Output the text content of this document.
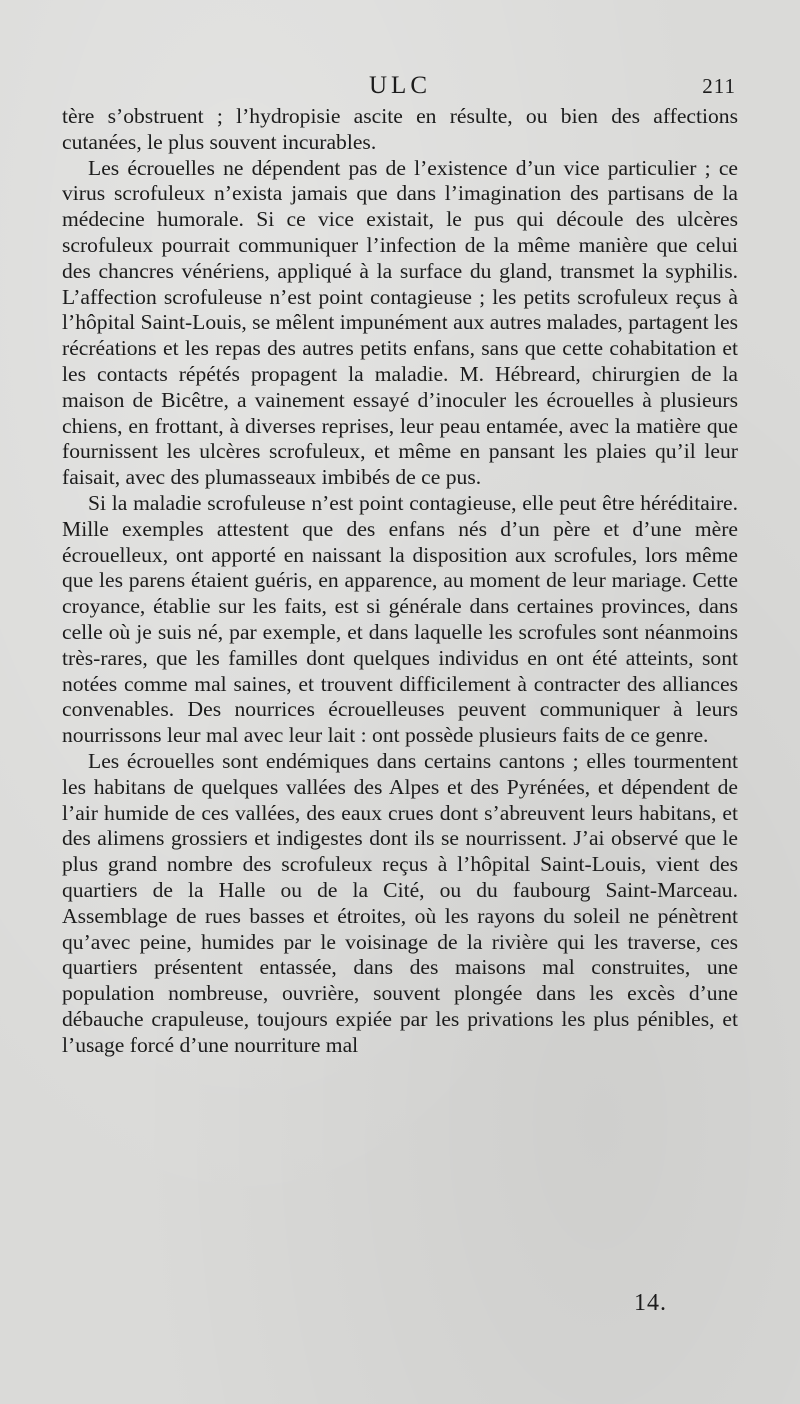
ULC	211

tère s’obstruent ; l’hydropisie ascite en résulte, ou bien des affections cutanées, le plus souvent incurables.

Les écrouelles ne dépendent pas de l’existence d’un vice particulier ; ce virus scrofuleux n’exista jamais que dans l’imagination des partisans de la médecine humorale. Si ce vice existait, le pus qui découle des ulcères scrofuleux pourrait communiquer l’infection de la même manière que celui des chancres vénériens, appliqué à la surface du gland, transmet la syphilis. L’affection scrofuleuse n’est point contagieuse ; les petits scrofuleux reçus à l’hôpital Saint-Louis, se mêlent impunément aux autres malades, partagent les récréations et les repas des autres petits enfans, sans que cette cohabitation et les contacts répétés propagent la maladie. M. Hébreard, chirurgien de la maison de Bicêtre, a vainement essayé d’inoculer les écrouelles à plusieurs chiens, en frottant, à diverses reprises, leur peau entamée, avec la matière que fournissent les ulcères scrofuleux, et même en pansant les plaies qu’il leur faisait, avec des plumasseaux imbibés de ce pus.

Si la maladie scrofuleuse n’est point contagieuse, elle peut être héréditaire. Mille exemples attestent que des enfans nés d’un père et d’une mère écrouelleux, ont apporté en naissant la disposition aux scrofules, lors même que les parens étaient guéris, en apparence, au moment de leur mariage. Cette croyance, établie sur les faits, est si générale dans certaines provinces, dans celle où je suis né, par exemple, et dans laquelle les scrofules sont néanmoins très-rares, que les familles dont quelques individus en ont été atteints, sont notées comme mal saines, et trouvent difficilement à contracter des alliances convenables. Des nourrices écrouelleuses peuvent communiquer à leurs nourrissons leur mal avec leur lait : ont possède plusieurs faits de ce genre.

Les écrouelles sont endémiques dans certains cantons ; elles tourmentent les habitans de quelques vallées des Alpes et des Pyrénées, et dépendent de l’air humide de ces vallées, des eaux crues dont s’abreuvent leurs habitans, et des alimens grossiers et indigestes dont ils se nourrissent. J’ai observé que le plus grand nombre des scrofuleux reçus à l’hôpital Saint-Louis, vient des quartiers de la Halle ou de la Cité, ou du faubourg Saint-Marceau. Assemblage de rues basses et étroites, où les rayons du soleil ne pénètrent qu’avec peine, humides par le voisinage de la rivière qui les traverse, ces quartiers présentent entassée, dans des maisons mal construites, une population nombreuse, ouvrière, souvent plongée dans les excès d’une débauche crapuleuse, toujours expiée par les privations les plus pénibles, et l’usage forcé d’une nourriture mal

14.
